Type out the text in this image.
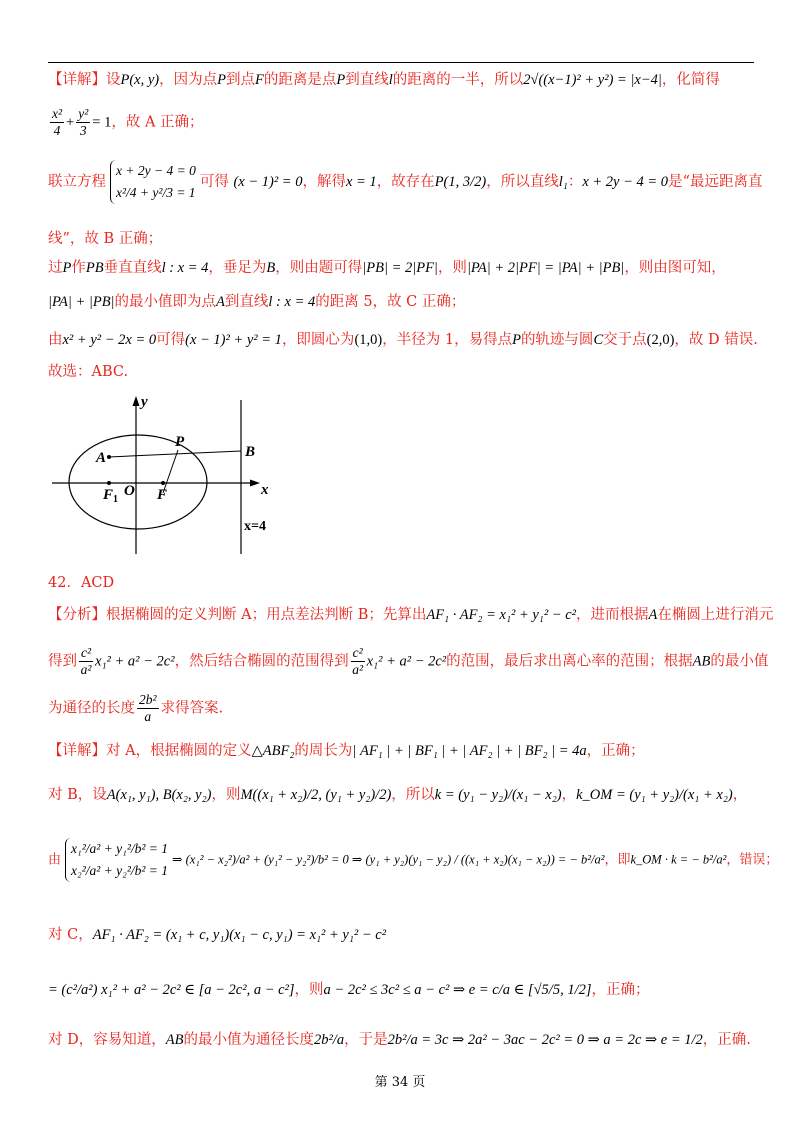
【详解】设P(x, y)，因为点P到点F的距离是点P到直线l的距离的一半，所以2√((x−1)² + y²) = |x−4|，化简得
$\frac{\text{x²}}{4} + \frac{\text{y²}}{3} = 1$，故 A 正确；
联立方程
x + 2y − 4 = 0
x²/4 + y²/3 = 1
可得 (x − 1)² = 0，解得x = 1，故存在P(1, 3/2)，所以直线l₁：x + 2y − 4 = 0是“最远距离直
线”，故 B 正确；
过P作PB垂直直线l : x = 4，垂足为B，则由题可得|PB| = 2|PF|，则|PA| + 2|PF| = |PA| + |PB|，则由图可知，
|PA| + |PB|的最小值即为点A到直线l : x = 4的距离 5，故 C 正确；
由x² + y² − 2x = 0可得(x − 1)² + y² = 1，即圆心为(1,0)，半径为 1，易得点P的轨迹与圆C交于点(2,0)，故 D 错误.
故选：ABC.
y
x
P
A	B
O
$F_1$	F
x=4
42．ACD
【分析】根据椭圆的定义判断 A；用点差法判断 B；先算出AF₁ · AF₂ = x₁² + y₁² − c²，进而根据A在椭圆上进行消元
得到 $\frac{\text{c²}}{\text{a²}} x_1^2 + a^2 - 2c^2$，然后结合椭圆的范围得到 $\frac{\text{c²}}{\text{a²}} x_1^2 + a^2 - 2c^2$的范围，最后求出离心率的范围；根据AB的最小值
为通径的长度 $\frac{\text{2b²}}{a}$ 求得答案.
【详解】对 A，根据椭圆的定义△ABF₂的周长为| AF₁ | + | BF₁ | + | AF₂ | + | BF₂ | = 4a，正确；
对 B，设A(x₁, y₁), B(x₂, y₂)，则M((x₁ + x₂)/2, (y₁ + y₂)/2)，所以k = (y₁ − y₂)/(x₁ − x₂)，k_OM = (y₁ + y₂)/(x₁ + x₂)，
由
x₁²/a² + y₁²/b² = 1
x₂²/a² + y₂²/b² = 1
⇒ (x₁² − x₂²)/a² + (y₁² − y₂²)/b² = 0 ⇒ (y₁ + y₂)(y₁ − y₂) / ((x₁ + x₂)(x₁ − x₂)) = − b²/a²，即k_OM · k = − b²/a²，错误；
对 C，AF₁ · AF₂ = (x₁ + c, y₁)(x₁ − c, y₁) = x₁² + y₁² − c²
= (c²/a²) x₁² + a² − 2c² ∈ [a − 2c², a − c²]，则a − 2c² ≤ 3c² ≤ a − c² ⇒ e = c/a ∈ [√5/5, 1/2]，正确；
对 D，容易知道，AB的最小值为通径长度2b²/a，于是2b²/a = 3c ⇒ 2a² − 3ac − 2c² = 0 ⇒ a = 2c ⇒ e = 1/2，正确.
第 34 页
